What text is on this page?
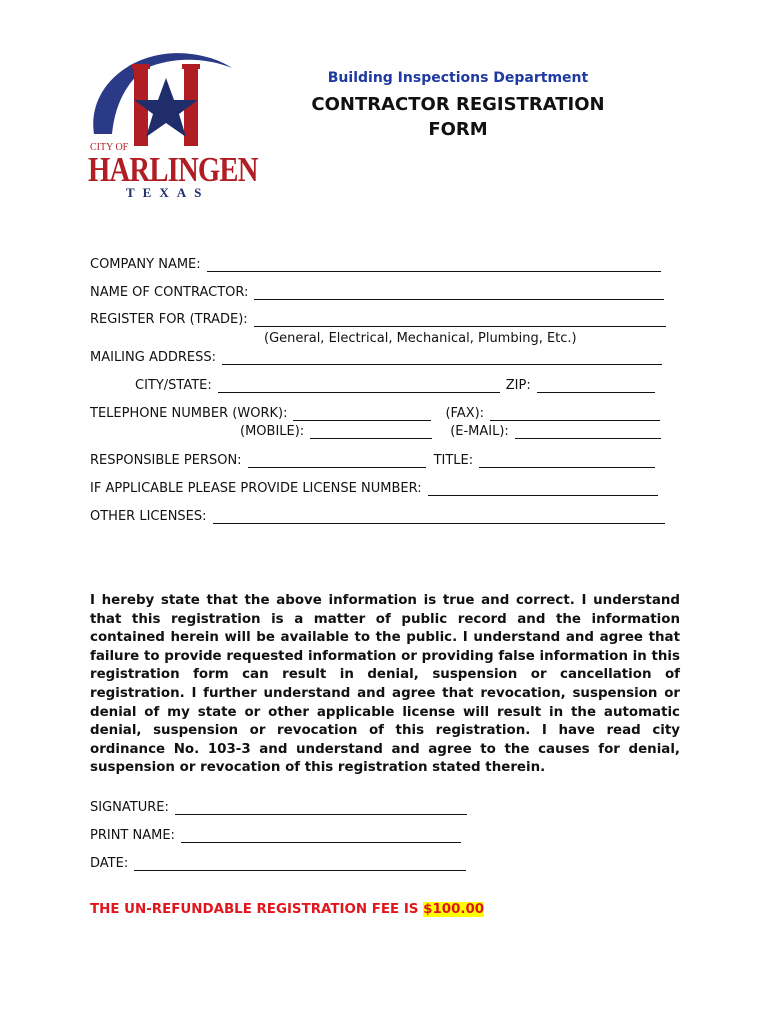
CITY OF
HARLINGEN
TEXAS
Building Inspections Department
CONTRACTOR REGISTRATION
FORM
COMPANY NAME:
NAME OF CONTRACTOR:
REGISTER FOR (TRADE):
(General, Electrical, Mechanical, Plumbing, Etc.)
MAILING ADDRESS:
CITY/STATE:	ZIP:
TELEPHONE NUMBER (WORK):	(FAX):
(MOBILE):	(E-MAIL):
RESPONSIBLE PERSON:	TITLE:
IF APPLICABLE PLEASE PROVIDE LICENSE NUMBER:
OTHER LICENSES:
I hereby state that the above information is true and correct. I understand that this registration is a matter of public record and the information contained herein will be available to the public. I understand and agree that failure to provide requested information or providing false information in this registration form can result in denial, suspension or cancellation of registration. I further understand and agree that revocation, suspension or denial of my state or other applicable license will result in the automatic denial, suspension or revocation of this registration. I have read city ordinance No. 103-3 and understand and agree to the causes for denial, suspension or revocation of this registration stated therein.
SIGNATURE:
PRINT NAME:
DATE:
THE UN-REFUNDABLE REGISTRATION FEE IS $100.00
